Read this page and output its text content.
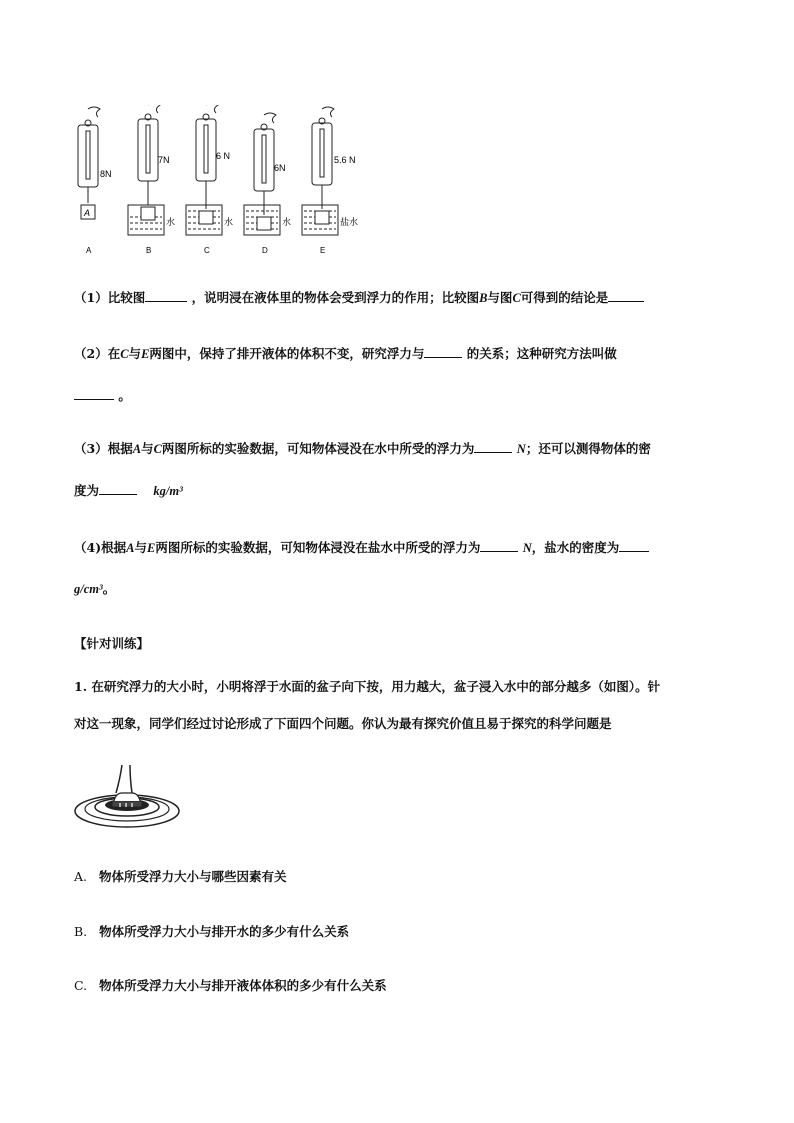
A
8N
A
水
7N
B
水
6 N
C
水
6N
D
盐水
5.6 N
E
（1）比较图	，说明浸在液体里的物体会受到浮力的作用；比较图B与图C可得到的结论是
（2）在C与E两图中，保持了排开液体的体积不变，研究浮力与	的关系；这种研究方法叫做
。
（3）根据A与C两图所标的实验数据，可知物体浸没在水中所受的浮力为	N；还可以测得物体的密
度为	kg/m³
（4)根据A与E两图所标的实验数据，可知物体浸没在盐水中所受的浮力为	N，盐水的密度为
g/cm³。
【针对训练】
1. 在研究浮力的大小时，小明将浮于水面的盆子向下按，用力越大，盆子浸入水中的部分越多（如图）。针
对这一现象，同学们经过讨论形成了下面四个问题。你认为最有探究价值且易于探究的科学问题是
A. 物体所受浮力大小与哪些因素有关
B. 物体所受浮力大小与排开水的多少有什么关系
C. 物体所受浮力大小与排开液体体积的多少有什么关系
